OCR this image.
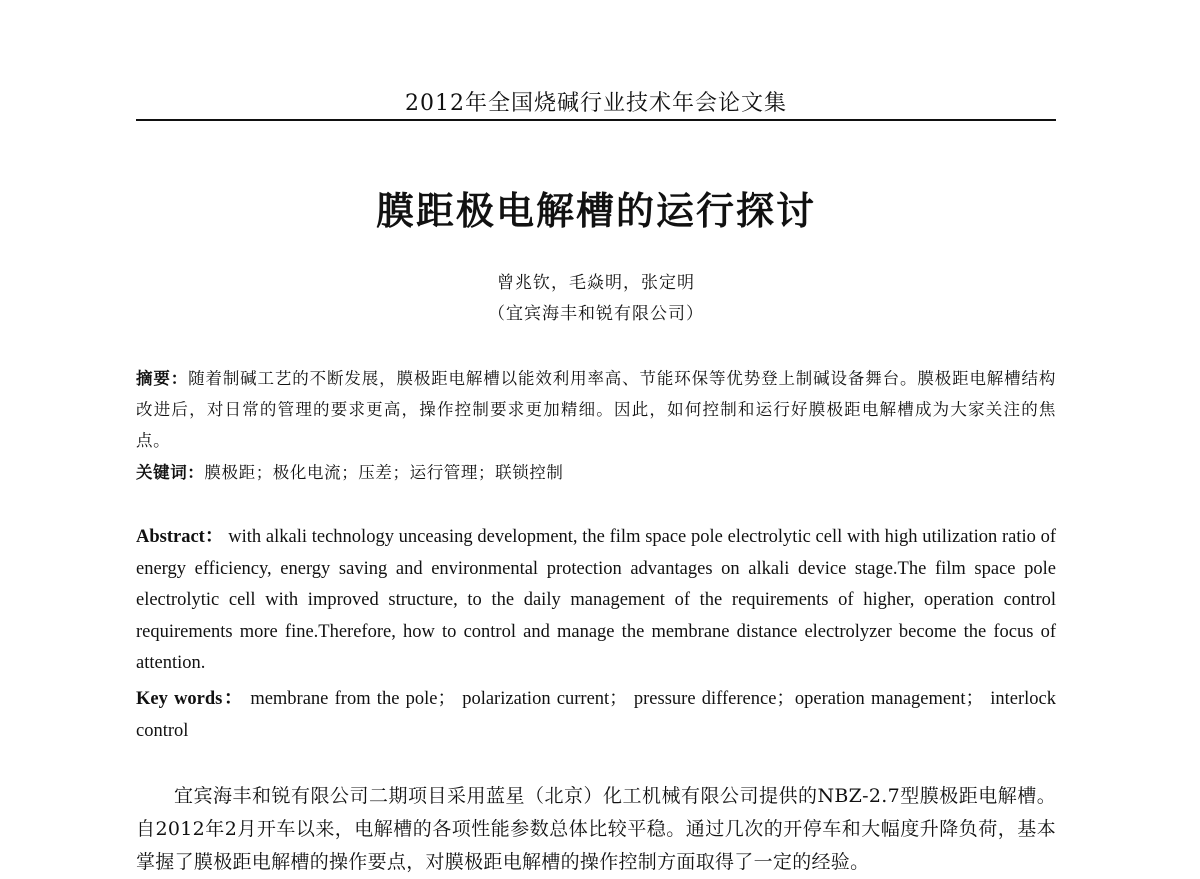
2012年全国烧碱行业技术年会论文集
膜距极电解槽的运行探讨
曾兆钦，毛焱明，张定明
（宜宾海丰和锐有限公司）
摘要：随着制碱工艺的不断发展，膜极距电解槽以能效利用率高、节能环保等优势登上制碱设备舞台。膜极距电解槽结构改进后，对日常的管理的要求更高，操作控制要求更加精细。因此，如何控制和运行好膜极距电解槽成为大家关注的焦点。
关键词：膜极距；极化电流；压差；运行管理；联锁控制
Abstract： with alkali technology unceasing development, the film space pole electrolytic cell with high utilization ratio of energy efficiency, energy saving and environmental protection advantages on alkali device stage.The film space pole electrolytic cell with improved structure, to the daily management of the requirements of higher, operation control requirements more fine.Therefore, how to control and manage the membrane distance electrolyzer become the focus of attention.
Key words： membrane from the pole； polarization current； pressure difference；operation management； interlock control
宜宾海丰和锐有限公司二期项目采用蓝星（北京）化工机械有限公司提供的NBZ-2.7型膜极距电解槽。自2012年2月开车以来，电解槽的各项性能参数总体比较平稳。通过几次的开停车和大幅度升降负荷，基本掌握了膜极距电解槽的操作要点，对膜极距电解槽的操作控制方面取得了一定的经验。
